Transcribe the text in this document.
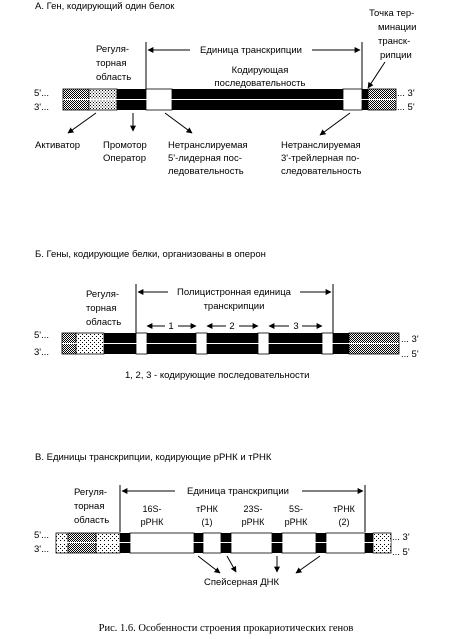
А. Ген, кодирующий один белок
Регуля-
торная
область
Единица транскрипции
Кодирующая
последовательность
Точка тер-
минации
транск-
рипции
5'...
3'...
... 3'
... 5'
Активатор Промотор
Оператор
Нетранслируемая
5'-лидерная пос-
ледовательность
Нетранслируемая
3'-трейлерная по-
следовательность
Б. Гены, кодирующие белки, организованы в оперон
Регуля-
торная
область
Полицистронная единица
транскрипции
1	2	3
5'...
3'...
... 3'
... 5'
1, 2, 3 - кодирующие последовательности
В. Единицы транскрипции, кодирующие рРНК и тРНК
Регуля-
торная
область
Единица транскрипции
16S-
рРНК
тРНК
(1)
23S-
рРНК
5S-
рРНК
тРНК
(2)
5'...
3'...
... 3'
... 5'
Спейсерная ДНК
Рис. 1.6. Особенности строения прокариотических генов
